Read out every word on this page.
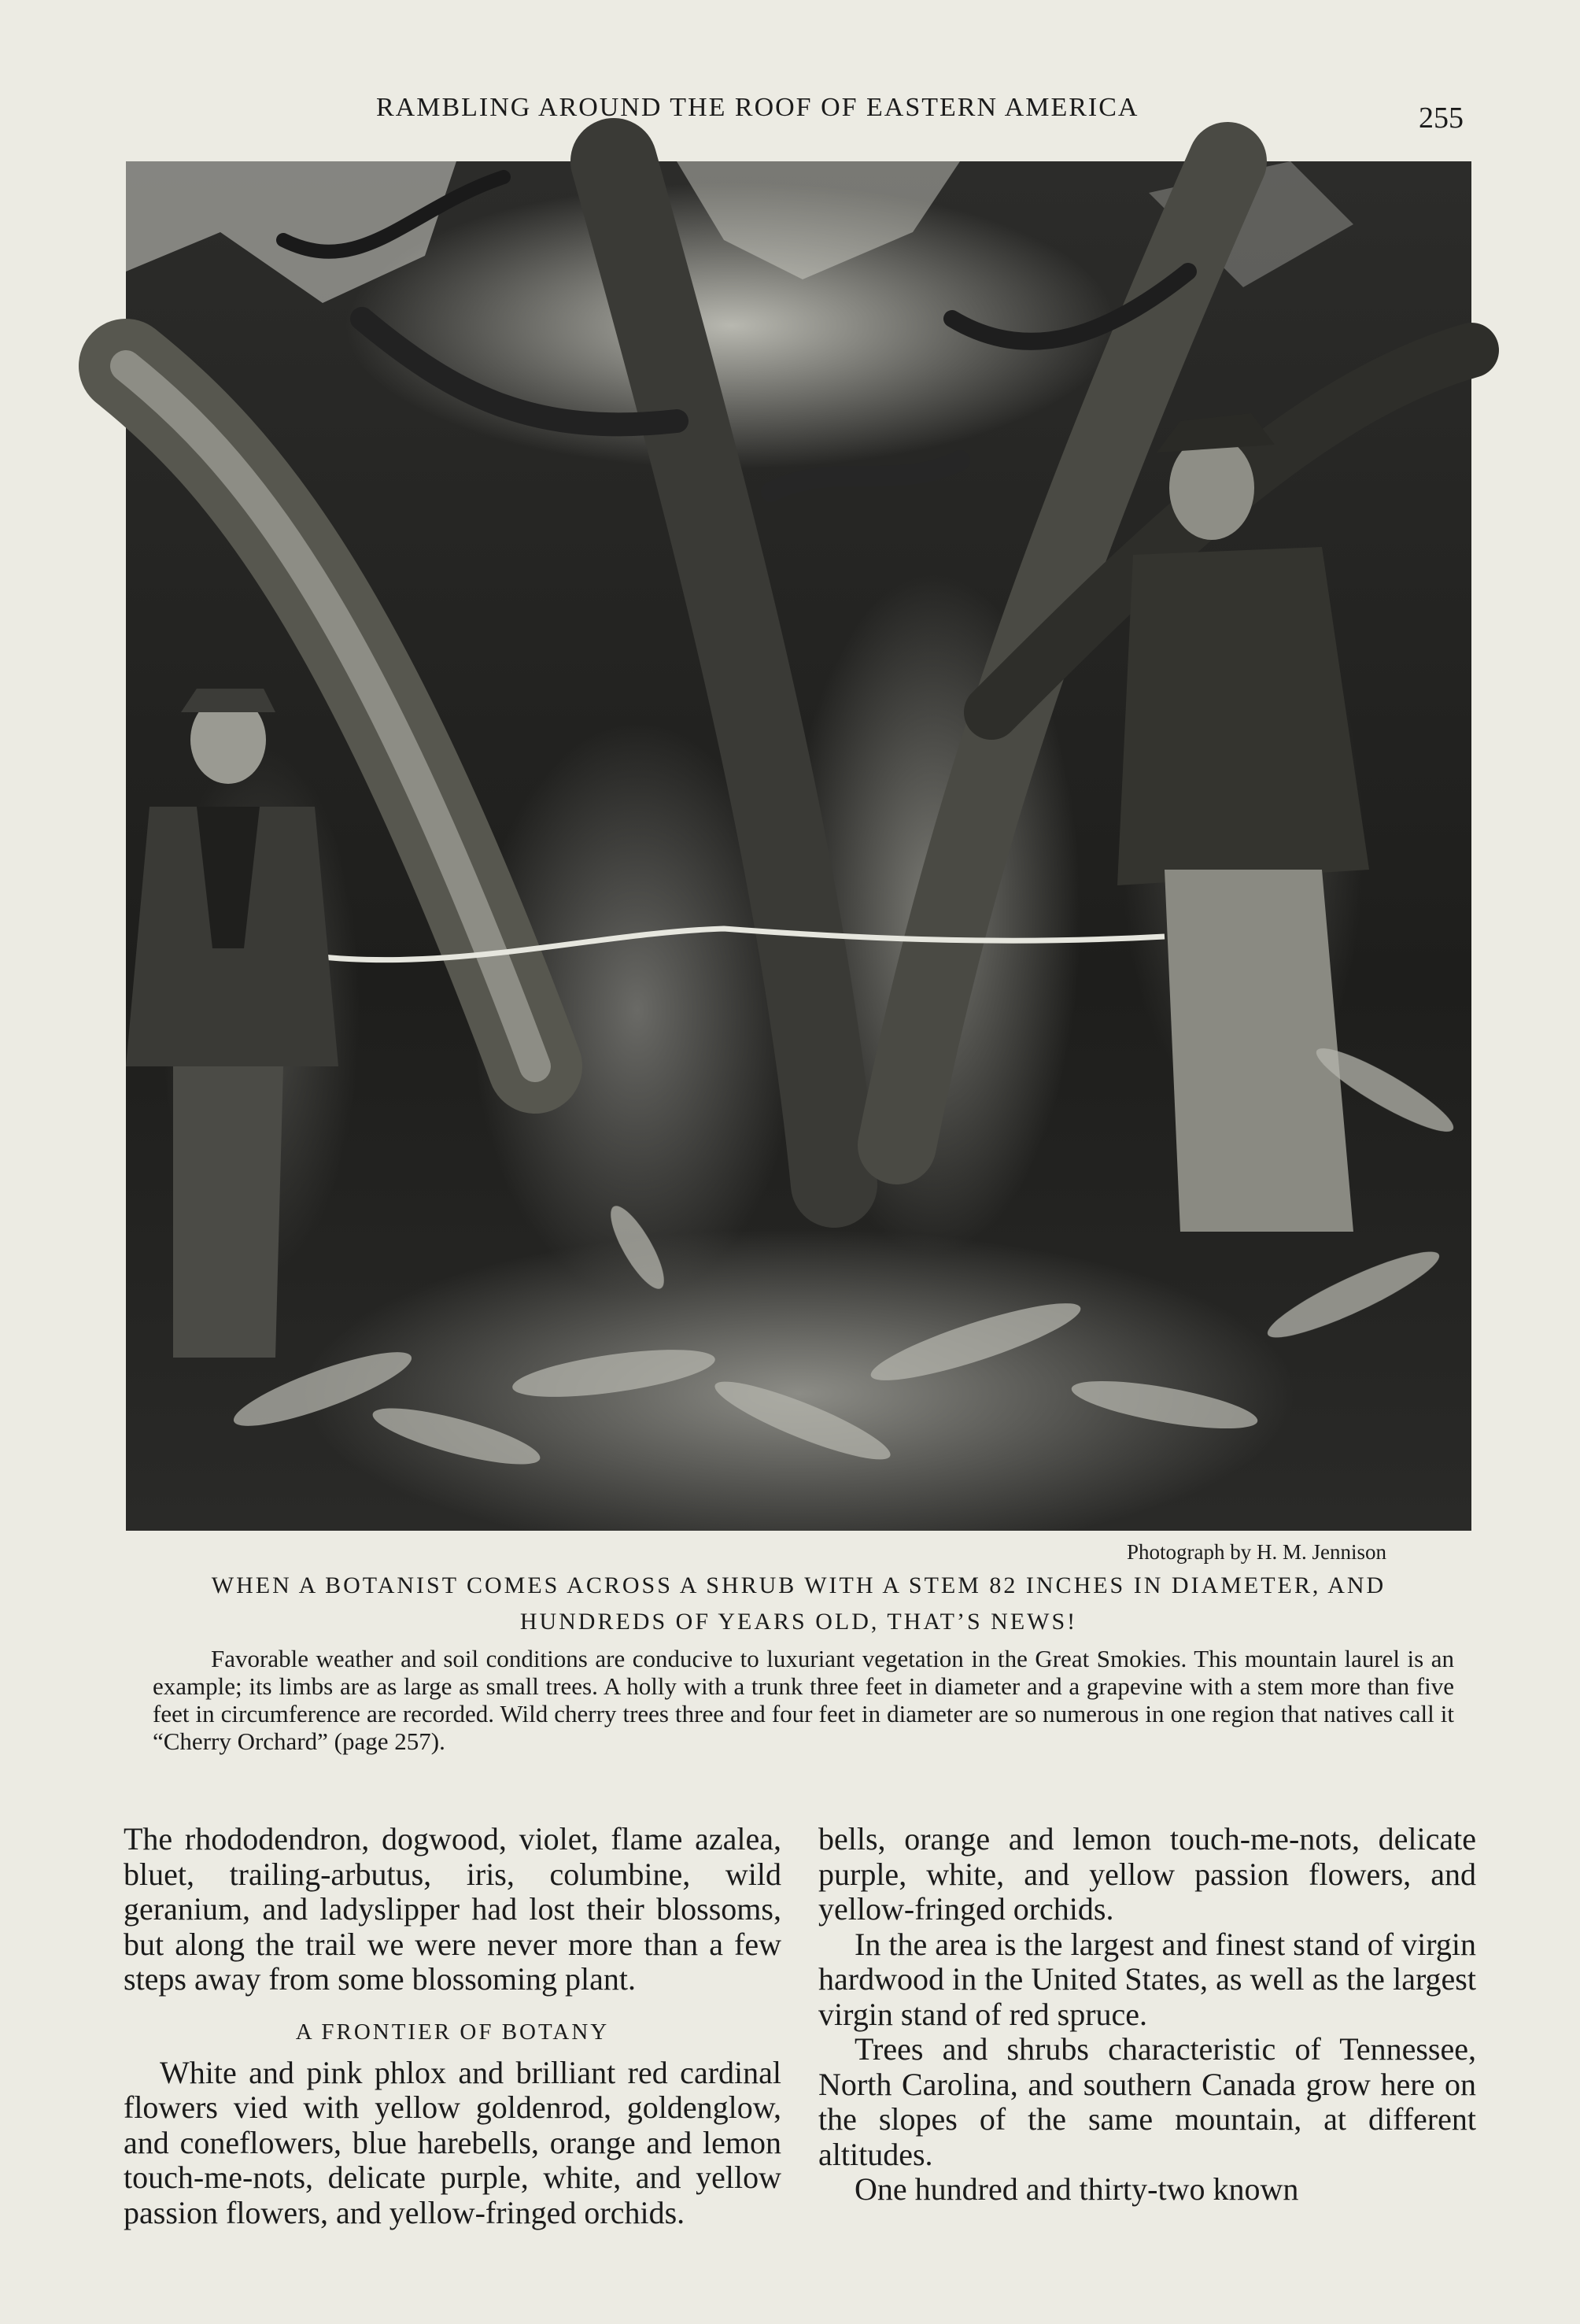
RAMBLING AROUND THE ROOF OF EASTERN AMERICA	255
Photograph by H. M. Jennison
WHEN A BOTANIST COMES ACROSS A SHRUB WITH A STEM 82 INCHES IN DIAMETER, AND HUNDREDS OF YEARS OLD, THAT’S NEWS!
Favorable weather and soil conditions are conducive to luxuriant vegetation in the Great Smokies. This mountain laurel is an example; its limbs are as large as small trees. A holly with a trunk three feet in diameter and a grapevine with a stem more than five feet in circumference are recorded. Wild cherry trees three and four feet in diameter are so numerous in one region that natives call it “Cherry Orchard” (page 257).

The rhododendron, dogwood, violet, flame azalea, bluet, trailing-arbutus, iris, columbine, wild geranium, and ladyslipper had lost their blossoms, but along the trail we were never more than a few steps away from some blossoming plant.

A FRONTIER OF BOTANY

White and pink phlox and brilliant red cardinal flowers vied with yellow goldenrod, goldenglow, and coneflowers, blue harebells, orange and lemon touch-me-nots, delicate purple, white, and yellow passion flowers, and yellow-fringed orchids.

bells, orange and lemon touch-me-nots, delicate purple, white, and yellow passion flowers, and yellow-fringed orchids.

In the area is the largest and finest stand of virgin hardwood in the United States, as well as the largest virgin stand of red spruce.

Trees and shrubs characteristic of Tennessee, North Carolina, and southern Canada grow here on the slopes of the same mountain, at different altitudes.

One hundred and thirty-two known
